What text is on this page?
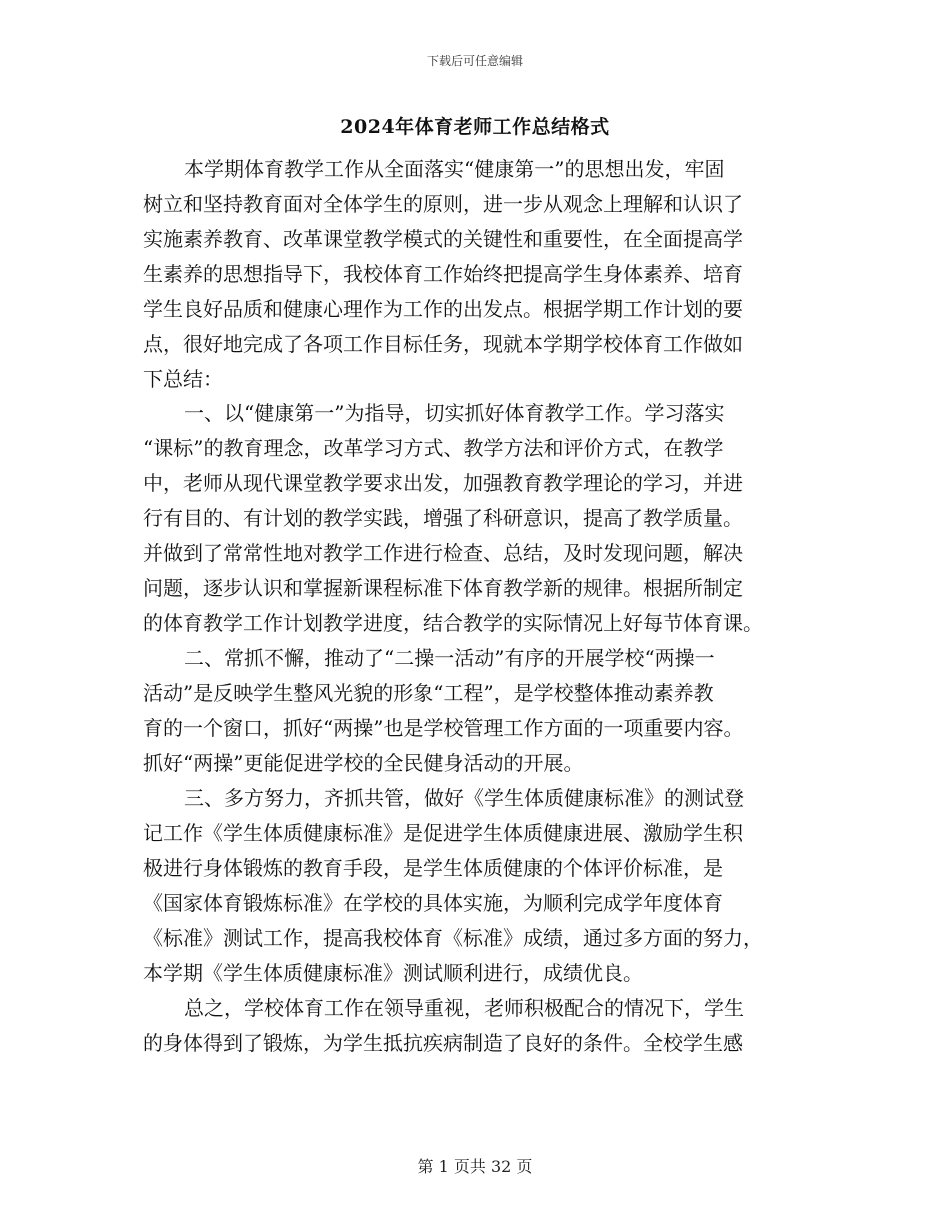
下载后可任意编辑
2024年体育老师工作总结格式
本学期体育教学工作从全面落实“健康第一”的思想出发，牢固
树立和坚持教育面对全体学生的原则，进一步从观念上理解和认识了
实施素养教育、改革课堂教学模式的关键性和重要性，在全面提高学
生素养的思想指导下，我校体育工作始终把提高学生身体素养、培育
学生良好品质和健康心理作为工作的出发点。根据学期工作计划的要
点，很好地完成了各项工作目标任务，现就本学期学校体育工作做如
下总结：
一、以“健康第一”为指导，切实抓好体育教学工作。学习落实
“课标”的教育理念，改革学习方式、教学方法和评价方式，在教学
中，老师从现代课堂教学要求出发，加强教育教学理论的学习，并进
行有目的、有计划的教学实践，增强了科研意识，提高了教学质量。
并做到了常常性地对教学工作进行检查、总结，及时发现问题，解决
问题，逐步认识和掌握新课程标准下体育教学新的规律。根据所制定
的体育教学工作计划教学进度，结合教学的实际情况上好每节体育课。
二、常抓不懈，推动了“二操一活动”有序的开展学校“两操一
活动”是反映学生整风光貌的形象“工程”，是学校整体推动素养教
育的一个窗口，抓好“两操”也是学校管理工作方面的一项重要内容。
抓好“两操”更能促进学校的全民健身活动的开展。
三、多方努力，齐抓共管，做好《学生体质健康标准》的测试登
记工作《学生体质健康标准》是促进学生体质健康进展、激励学生积
极进行身体锻炼的教育手段，是学生体质健康的个体评价标准，是
《国家体育锻炼标准》在学校的具体实施，为顺利完成学年度体育
《标准》测试工作，提高我校体育《标准》成绩，通过多方面的努力，
本学期《学生体质健康标准》测试顺利进行，成绩优良。
总之，学校体育工作在领导重视，老师积极配合的情况下，学生
的身体得到了锻炼，为学生抵抗疾病制造了良好的条件。全校学生感
第 1 页共 32 页
